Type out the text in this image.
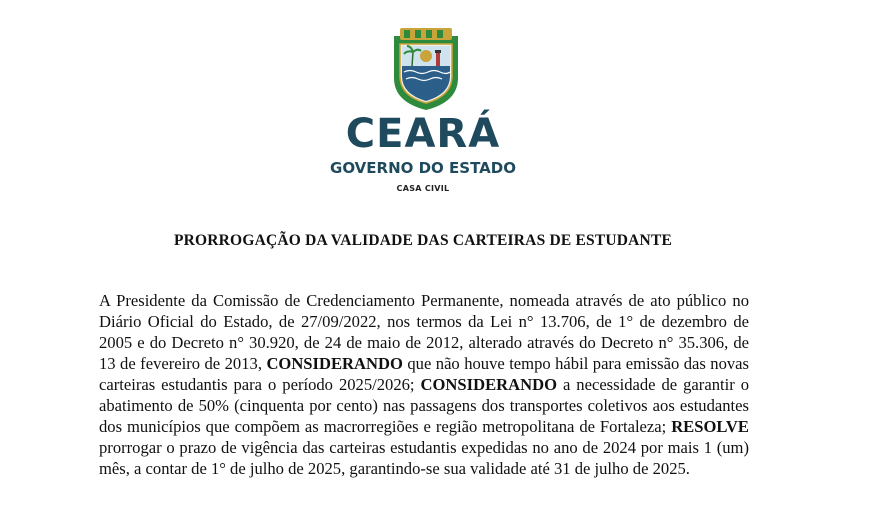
CEARÁ
GOVERNO DO ESTADO
CASA CIVIL
PRORROGAÇÃO DA VALIDADE DAS CARTEIRAS DE ESTUDANTE
A Presidente da Comissão de Credenciamento Permanente, nomeada através de ato público no Diário Oficial do Estado, de 27/09/2022, nos termos da Lei n° 13.706, de 1° de dezembro de 2005 e do Decreto n° 30.920, de 24 de maio de 2012, alterado através do Decreto n° 35.306, de 13 de fevereiro de 2013, CONSIDERANDO que não houve tempo hábil para emissão das novas carteiras estudantis para o período 2025/2026; CONSIDERANDO a necessidade de garantir o abatimento de 50% (cinquenta por cento) nas passagens dos transportes coletivos aos estudantes dos municípios que compõem as macrorregiões e região metropolitana de Fortaleza; RESOLVE prorrogar o prazo de vigência das carteiras estudantis expedidas no ano de 2024 por mais 1 (um) mês, a contar de 1° de julho de 2025, garantindo-se sua validade até 31 de julho de 2025.
